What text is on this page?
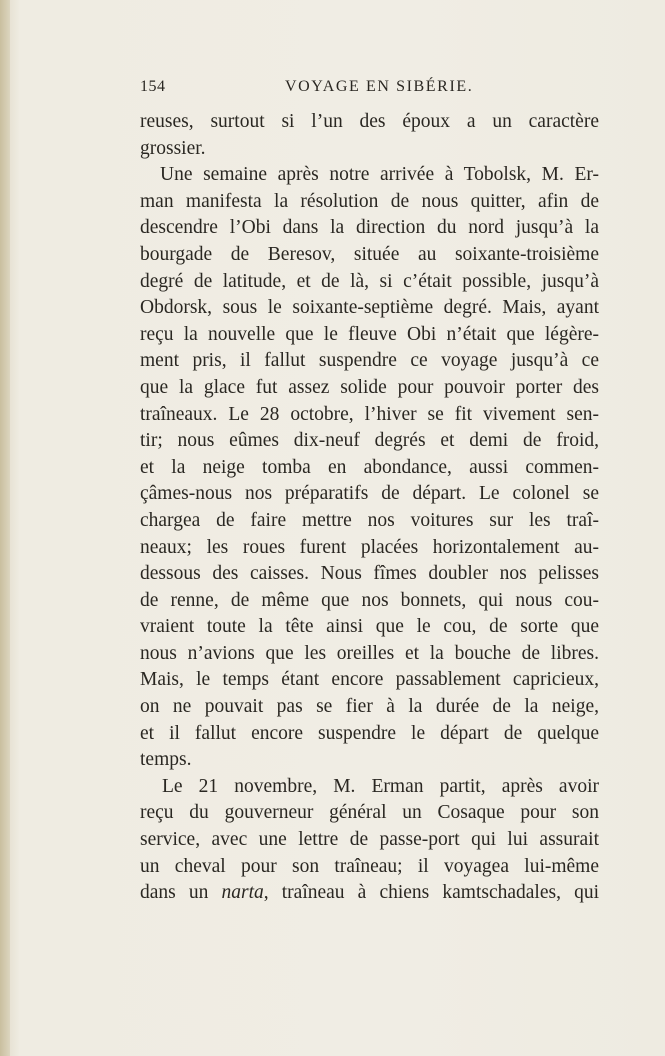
154	VOYAGE EN SIBÉRIE.
reuses, surtout si l’un des époux a un caractère
grossier.
Une semaine après notre arrivée à Tobolsk, M. Er-
man manifesta la résolution de nous quitter, afin de
descendre l’Obi dans la direction du nord jusqu’à la
bourgade de Beresov, située au soixante-troisième
degré de latitude, et de là, si c’était possible, jusqu’à
Obdorsk, sous le soixante-septième degré. Mais, ayant
reçu la nouvelle que le fleuve Obi n’était que légère-
ment pris, il fallut suspendre ce voyage jusqu’à ce
que la glace fut assez solide pour pouvoir porter des
traîneaux. Le 28 octobre, l’hiver se fit vivement sen-
tir; nous eûmes dix-neuf degrés et demi de froid,
et la neige tomba en abondance, aussi commen-
çâmes-nous nos préparatifs de départ. Le colonel se
chargea de faire mettre nos voitures sur les traî-
neaux; les roues furent placées horizontalement au-
dessous des caisses. Nous fîmes doubler nos pelisses
de renne, de même que nos bonnets, qui nous cou-
vraient toute la tête ainsi que le cou, de sorte que
nous n’avions que les oreilles et la bouche de libres.
Mais, le temps étant encore passablement capricieux,
on ne pouvait pas se fier à la durée de la neige,
et il fallut encore suspendre le départ de quelque
temps.
Le 21 novembre, M. Erman partit, après avoir
reçu du gouverneur général un Cosaque pour son
service, avec une lettre de passe-port qui lui assurait
un cheval pour son traîneau; il voyagea lui-même
dans un narta, traîneau à chiens kamtschadales, qui
